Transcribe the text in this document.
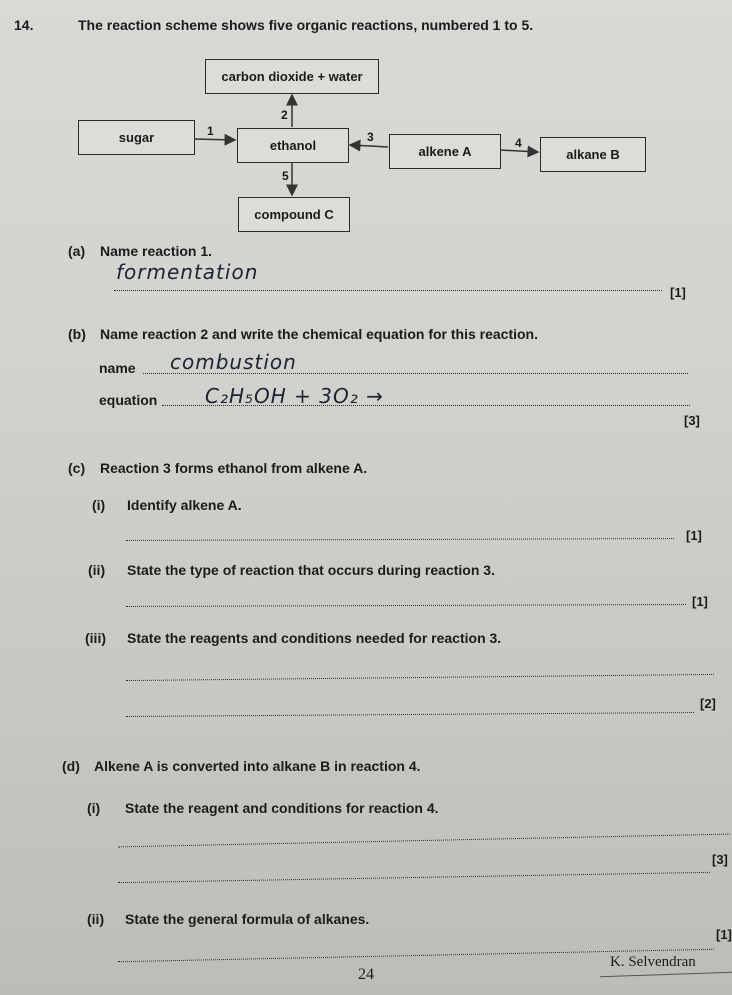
14.	The reaction scheme shows five organic reactions, numbered 1 to 5.
carbon dioxide + water
sugar
ethanol	alkene A	alkane B
compound C
1
2
3	4
5
(a) Name reaction 1.
formentation
[1]
(b) Name reaction 2 and write the chemical equation for this reaction.
name combustion
equation C₂H₅OH + 3O₂ →
[3]
(c) Reaction 3 forms ethanol from alkene A.
(i) Identify alkene A.
[1]
(ii) State the type of reaction that occurs during reaction 3.
[1]
(iii) State the reagents and conditions needed for reaction 3.
[2]
(d) Alkene A is converted into alkane B in reaction 4.
(i) State the reagent and conditions for reaction 4.
[3]
(ii) State the general formula of alkanes.
[1]
24
K. Selvendran
